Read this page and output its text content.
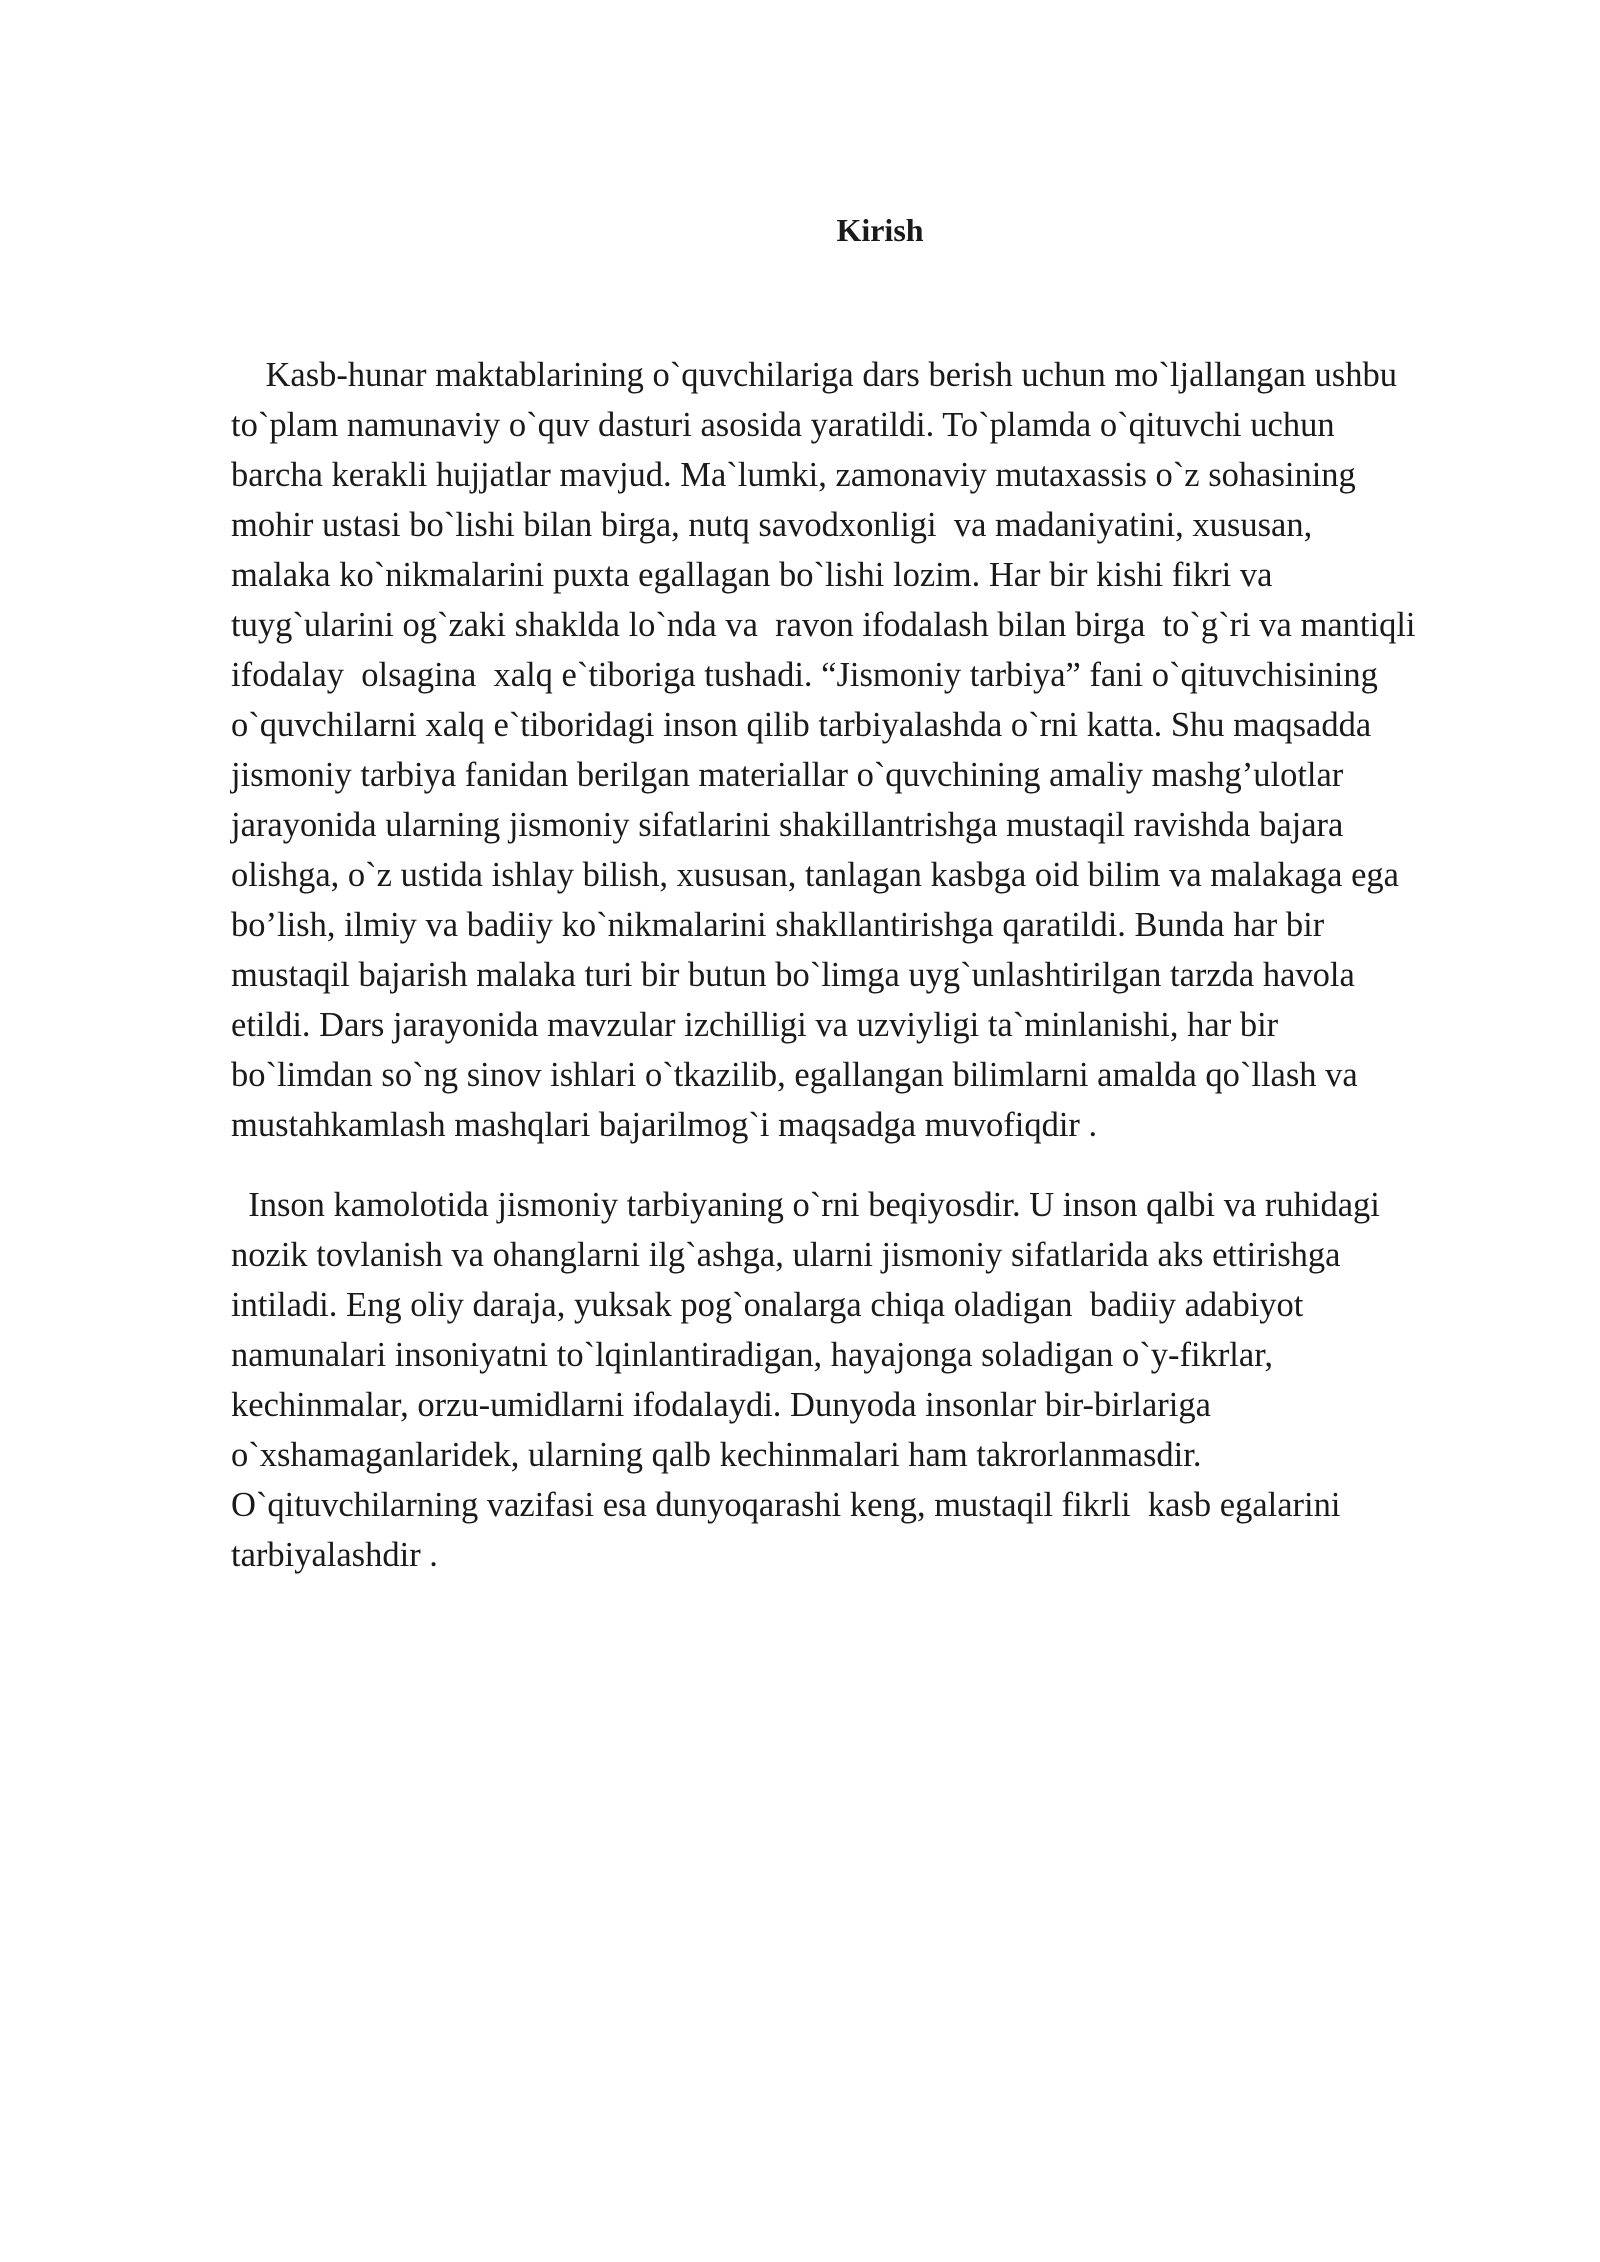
Kirish
Kasb-hunar maktablarining o`quvchilariga dars berish uchun mo`ljallangan ushbu
to`plam namunaviy o`quv dasturi asosida yaratildi. To`plamda o`qituvchi uchun
barcha kerakli hujjatlar mavjud. Ma`lumki, zamonaviy mutaxassis o`z sohasining
mohir ustasi bo`lishi bilan birga, nutq savodxonligi  va madaniyatini, xususan,
malaka ko`nikmalarini puxta egallagan bo`lishi lozim. Har bir kishi fikri va
tuyg`ularini og`zaki shaklda lo`nda va  ravon ifodalash bilan birga  to`g`ri va mantiqli
ifodalay  olsagina  xalq e`tiboriga tushadi. “Jismoniy tarbiya” fani o`qituvchisining
o`quvchilarni xalq e`tiboridagi inson qilib tarbiyalashda o`rni katta. Shu maqsadda
jismoniy tarbiya fanidan berilgan materiallar o`quvchining amaliy mashg’ulotlar
jarayonida ularning jismoniy sifatlarini shakillantrishga mustaqil ravishda bajara
olishga, o`z ustida ishlay bilish, xususan, tanlagan kasbga oid bilim va malakaga ega
bo’lish, ilmiy va badiiy ko`nikmalarini shakllantirishga qaratildi. Bunda har bir
mustaqil bajarish malaka turi bir butun bo`limga uyg`unlashtirilgan tarzda havola
etildi. Dars jarayonida mavzular izchilligi va uzviyligi ta`minlanishi, har bir
bo`limdan so`ng sinov ishlari o`tkazilib, egallangan bilimlarni amalda qo`llash va
mustahkamlash mashqlari bajarilmog`i maqsadga muvofiqdir .
Inson kamolotida jismoniy tarbiyaning o`rni beqiyosdir. U inson qalbi va ruhidagi
nozik tovlanish va ohanglarni ilg`ashga, ularni jismoniy sifatlarida aks ettirishga
intiladi. Eng oliy daraja, yuksak pog`onalarga chiqa oladigan  badiiy adabiyot
namunalari insoniyatni to`lqinlantiradigan, hayajonga soladigan o`y-fikrlar,
kechinmalar, orzu-umidlarni ifodalaydi. Dunyoda insonlar bir-birlariga
o`xshamaganlaridek, ularning qalb kechinmalari ham takrorlanmasdir.
O`qituvchilarning vazifasi esa dunyoqarashi keng, mustaqil fikrli  kasb egalarini
tarbiyalashdir .
